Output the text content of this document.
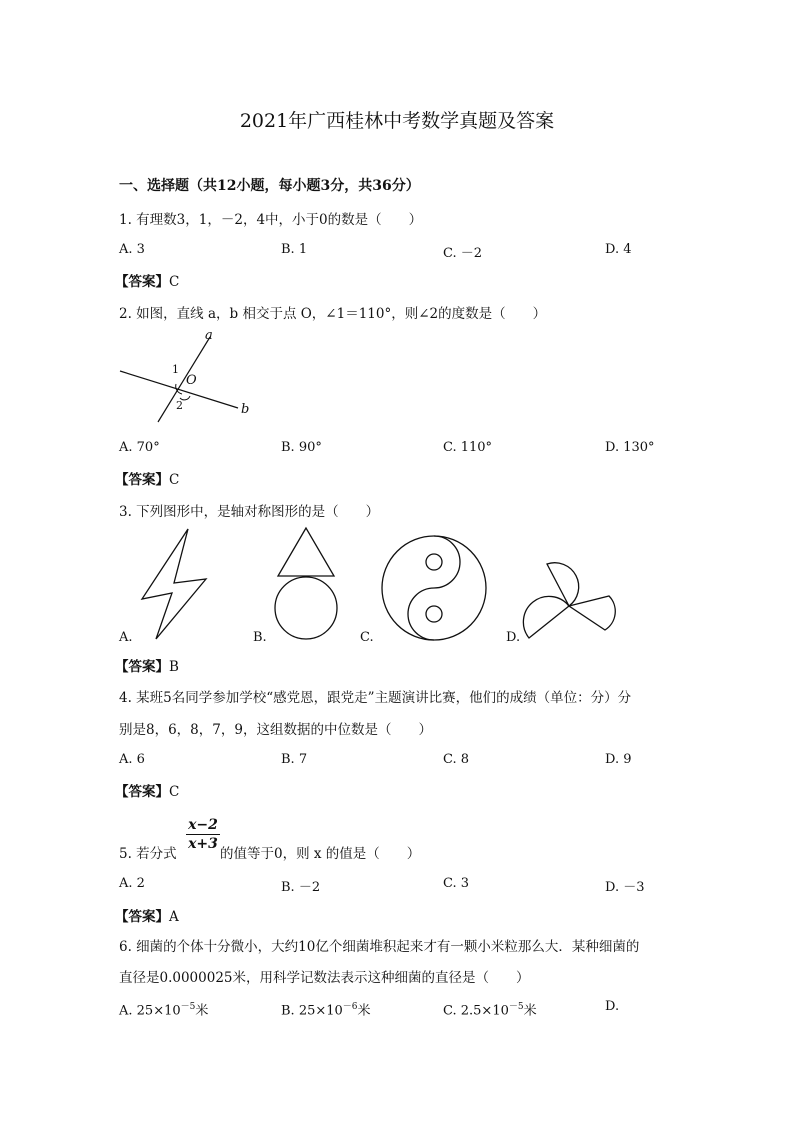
2021年广西桂林中考数学真题及答案
一、选择题（共12小题，每小题3分，共36分）
1. 有理数3，1，－2，4中，小于0的数是（　　）
A. 3	B. 1	C. －2	D. 4
【答案】C
2. 如图，直线 a，b 相交于点 O，∠1＝110°，则∠2的度数是（　　）
a
b
O
1
2
A. 70°	B. 90°	C. 110°	D. 130°
【答案】C
3. 下列图形中，是轴对称图形的是（　　）
A.	B.	C.	D.
【答案】B
4. 某班5名同学参加学校“感党恩，跟党走”主题演讲比赛，他们的成绩（单位：分）分
别是8，6，8，7，9，这组数据的中位数是（　　）
A. 6	B. 7	C. 8	D. 9
【答案】C
5. 若分式
$\frac{x-2}{x+3}$
的值等于0，则 x 的值是（　　）
A. 2	B. －2	C. 3	D. －3
【答案】A
6. 细菌的个体十分微小，大约10亿个细菌堆积起来才有一颗小米粒那么大．某种细菌的
直径是0.0000025米，用科学记数法表示这种细菌的直径是（　　）
A. $25\times 10^{-5}$米	B. $25\times 10^{-6}$米	C. $2.5\times 10^{-5}$米	D.
